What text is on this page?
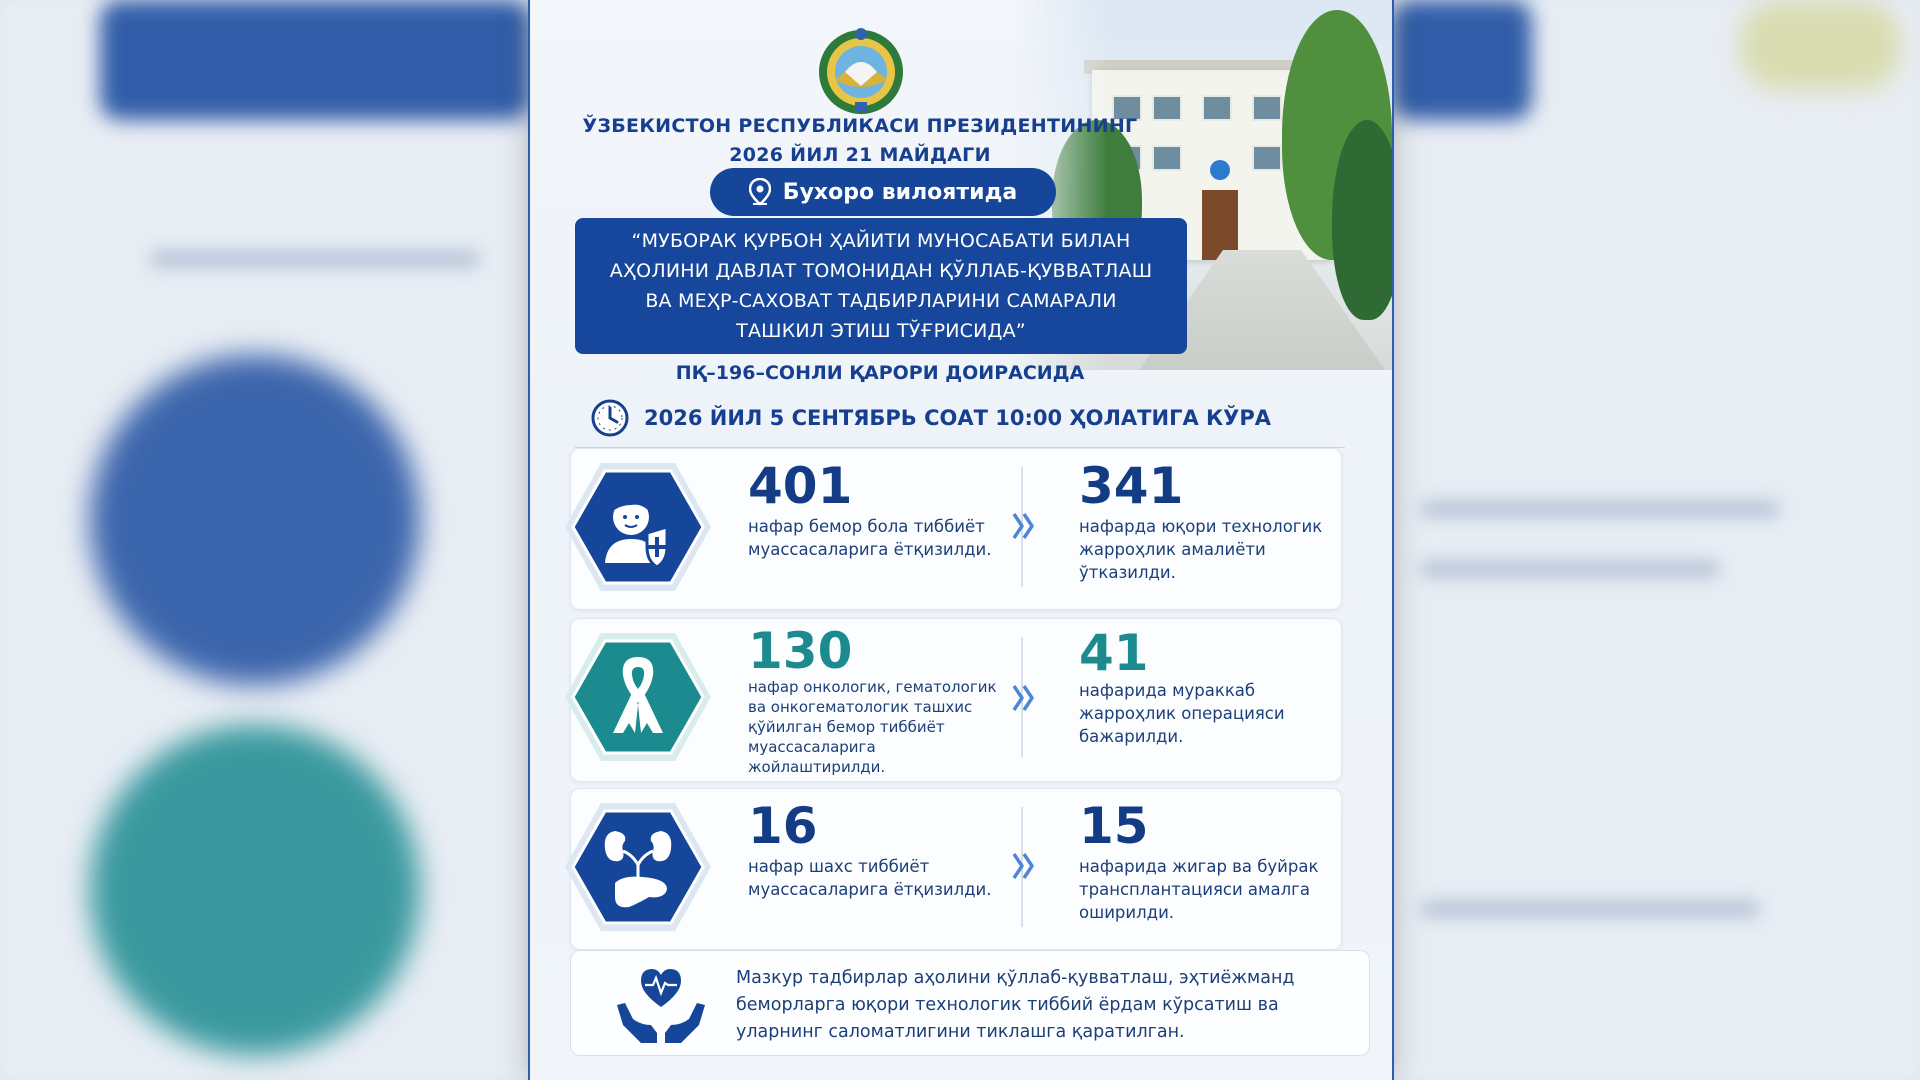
ЎЗБЕКИСТОН РЕСПУБЛИКАСИ ПРЕЗИДЕНТИНИНГ
2026 ЙИЛ 21 МАЙДАГИ
Бухоро вилоятида
“МУБОРАК ҚУРБОН ҲАЙИТИ МУНОСАБАТИ БИЛАН
АҲОЛИНИ ДАВЛАТ ТОМОНИДАН ҚЎЛЛАБ-ҚУВВАТЛАШ
ВА МЕҲР-САХОВАТ ТАДБИРЛАРИНИ САМАРАЛИ
ТАШКИЛ ЭТИШ ТЎҒРИСИДА”
ПҚ–196–СОНЛИ ҚАРОРИ ДОИРАСИДА
2026 ЙИЛ 5 СЕНТЯБРЬ СОАТ 10:00 ҲОЛАТИГА КЎРА
401
нафар бемор бола тиббиёт муассасаларига ётқизилди.
341
нафарда юқори технологик жарроҳлик амалиёти ўтказилди.
130
нафар онкологик, гематологик ва онкогематологик ташхис қўйилган бемор тиббиёт муассасаларига жойлаштирилди.
41
нафарида мураккаб жарроҳлик операцияси бажарилди.
16
нафар шахс тиббиёт муассасаларига ётқизилди.
15
нафарида жигар ва буйрак трансплантацияси амалга оширилди.
Мазкур тадбирлар аҳолини қўллаб-қувватлаш, эҳтиёжманд
беморларга юқори технологик тиббий ёрдам кўрсатиш ва
уларнинг саломатлигини тиклашга қаратилган.
